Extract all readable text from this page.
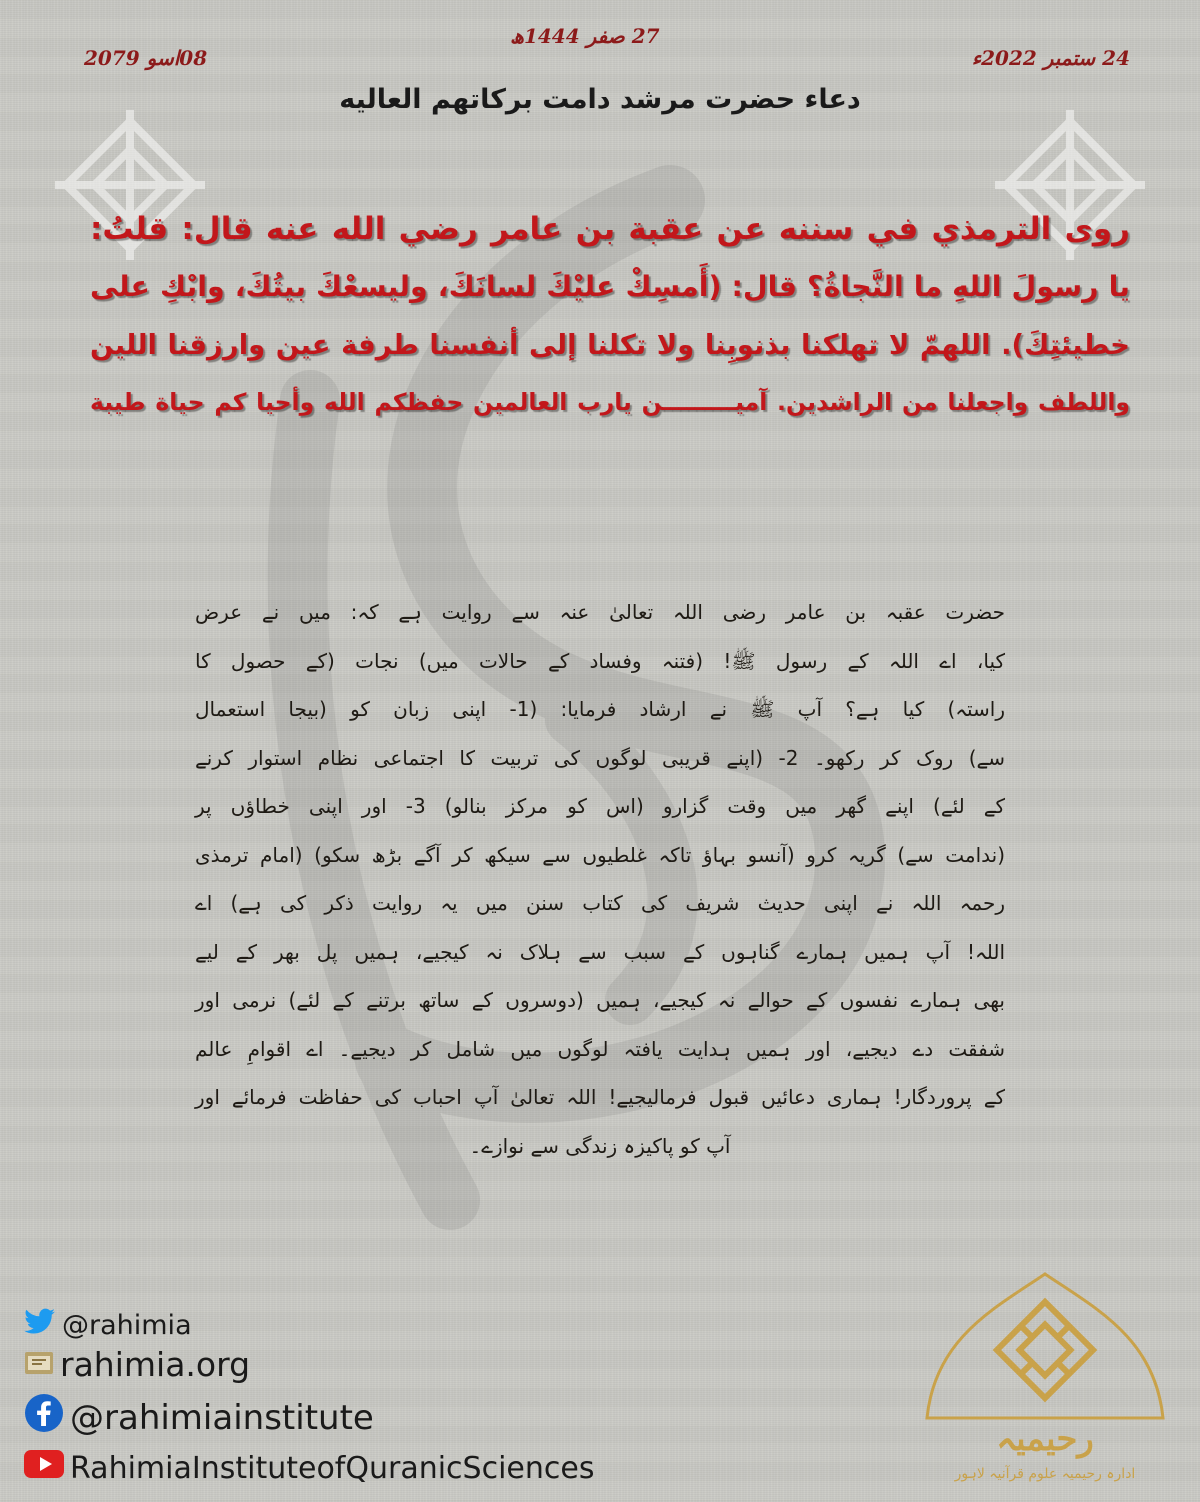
27 صفر 1444ھ
24 ستمبر 2022ء
08اسو 2079
دعاء حضرت مرشد دامت برکاتهم العالیه

روی الترمذي في سننه عن عقبة بن عامر رضي الله عنه قال: قلتُ:

يا رسولَ اللهِ ما النَّجاةُ؟ قال: (أَمسِكْ عليْكَ لسانَكَ، وليسعْكَ بيتُكَ، وابْكِ على

خطيئتِكَ). اللهمّ لا تهلكنا بذنوبِنا ولا تكلنا إلى أنفسنا طرفة عين وارزقنا اللين

واللطف واجعلنا من الراشدين. آميـــــــــن يارب العالمين حفظكم الله وأحيا كم حياة طيبة

حضرت عقبہ بن عامر رضی اللہ تعالیٰ عنہ سے روایت ہے کہ: میں نے عرض

کیا، اے اللہ کے رسول ﷺ! (فتنہ وفساد کے حالات میں) نجات (کے حصول کا

راستہ) کیا ہے؟ آپ ﷺ نے ارشاد فرمایا: (1- اپنی زبان کو (بیجا استعمال

سے) روک کر رکھو۔ 2- (اپنے قریبی لوگوں کی تربیت کا اجتماعی نظام استوار کرنے

کے لئے) اپنے گھر میں وقت گزارو (اس کو مرکز بنالو) 3- اور اپنی خطاؤں پر

(ندامت سے) گریہ کرو (آنسو بہاؤ تاکہ غلطیوں سے سیکھ کر آگے بڑھ سکو) (امام ترمذی

رحمہ اللہ نے اپنی حدیث شریف کی کتاب سنن میں یہ روایت ذکر کی ہے) اے

اللہ! آپ ہمیں ہمارے گناہوں کے سبب سے ہلاک نہ کیجیے، ہمیں پل بھر کے لیے

بھی ہمارے نفسوں کے حوالے نہ کیجیے، ہمیں (دوسروں کے ساتھ برتنے کے لئے) نرمی اور

شفقت دے دیجیے، اور ہمیں ہدایت یافتہ لوگوں میں شامل کر دیجیے۔ اے اقوامِ عالم

کے پروردگار! ہماری دعائیں قبول فرمالیجیے! اللہ تعالیٰ آپ احباب کی حفاظت فرمائے اور

آپ کو پاکیزہ زندگی سے نوازے۔

@rahimia
rahimia.org
@rahimiainstitute
RahimiaInstituteofQuranicSciences
رحیمیہ
ادارہ رحیمیہ علوم قرآنیہ لاہور
